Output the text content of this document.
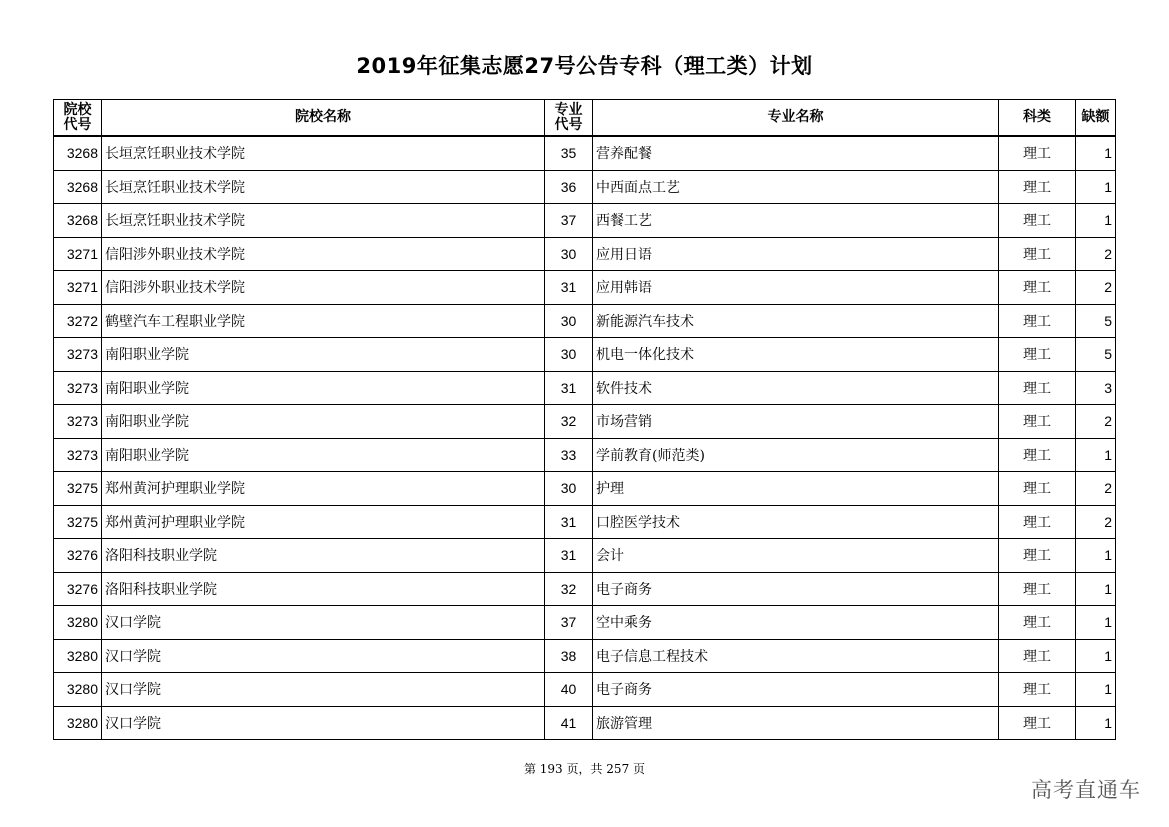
2019年征集志愿27号公告专科（理工类）计划
院校代号	院校名称	专业代号	专业名称	科类	缺额
3268	长垣烹饪职业技术学院	35	营养配餐	理工	1
3268	长垣烹饪职业技术学院	36	中西面点工艺	理工	1
3268	长垣烹饪职业技术学院	37	西餐工艺	理工	1
3271	信阳涉外职业技术学院	30	应用日语	理工	2
3271	信阳涉外职业技术学院	31	应用韩语	理工	2
3272	鹤壁汽车工程职业学院	30	新能源汽车技术	理工	5
3273	南阳职业学院	30	机电一体化技术	理工	5
3273	南阳职业学院	31	软件技术	理工	3
3273	南阳职业学院	32	市场营销	理工	2
3273	南阳职业学院	33	学前教育(师范类)	理工	1
3275	郑州黄河护理职业学院	30	护理	理工	2
3275	郑州黄河护理职业学院	31	口腔医学技术	理工	2
3276	洛阳科技职业学院	31	会计	理工	1
3276	洛阳科技职业学院	32	电子商务	理工	1
3280	汉口学院	37	空中乘务	理工	1
3280	汉口学院	38	电子信息工程技术	理工	1
3280	汉口学院	40	电子商务	理工	1
3280	汉口学院	41	旅游管理	理工	1
第 193 页，共 257 页
高考直通车
